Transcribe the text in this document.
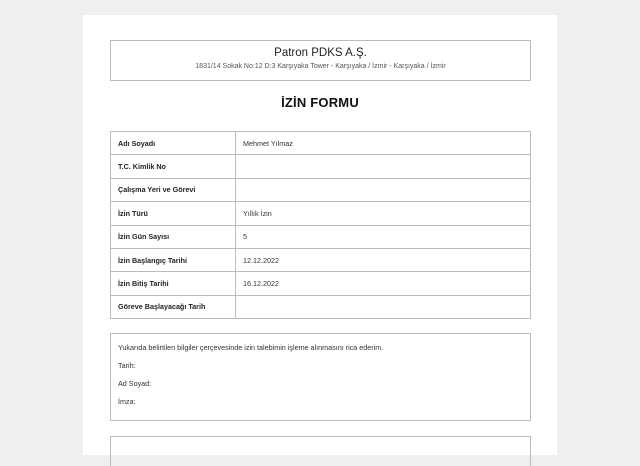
Patron PDKS A.Ş.
1831/14 Sokak No:12 D:3 Karşıyaka Tower - Karşıyaka / İzmir - Karşıyaka / İzmir
İZİN FORMU
Adı Soyadı	Mehmet Yılmaz
T.C. Kimlik No	
Çalışma Yeri ve Görevi	
İzin Türü	Yıllık İzin
İzin Gün Sayısı	5
İzin Başlangıç Tarihi	12.12.2022
İzin Bitiş Tarihi	16.12.2022
Göreve Başlayacağı Tarih	
Yukarıda belirtilen bilgiler çerçevesinde izin talebimin işleme alınmasını rica ederim.
Tarih:
Ad Soyad:
İmza:
